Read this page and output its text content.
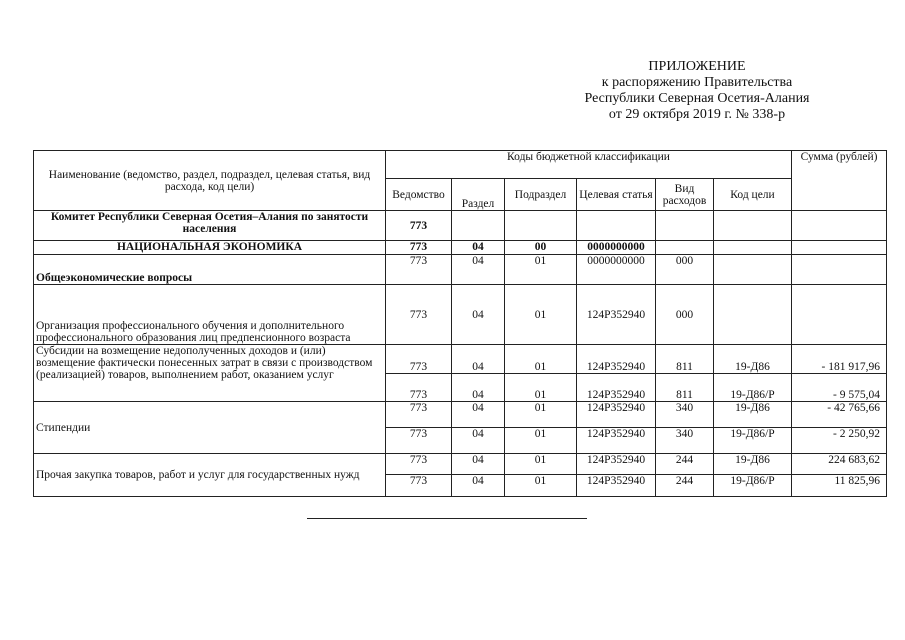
ПРИЛОЖЕНИЕ
к распоряжению Правительства
Республики Северная Осетия-Алания
от 29 октября 2019 г. № 338-р
Наименование (ведомство, раздел, подраздел, целевая статья, вид расхода, код цели)	Коды бюджетной классификации						Сумма (рублей)
	Ведомство	Раздел	Подраздел	Целевая статья	Вид расходов	Код цели	
Комитет Республики Северная Осетия–Алания по занятости населения	773						
НАЦИОНАЛЬНАЯ ЭКОНОМИКА	773	04	00	0000000000			
Общеэкономические вопросы	773	04	01	0000000000	000		
Организация профессионального обучения и дополнительного профессионального образования лиц предпенсионного возраста	773	04	01	124P352940	000		
Субсидии на возмещение недополученных доходов и (или) возмещение фактически понесенных затрат в связи с производством (реализацией) товаров, выполнением работ, оказанием услуг	773	04	01	124P352940	811	19-Д86	- 181 917,96
	773	04	01	124P352940	811	19-Д86/Р	- 9 575,04
Стипендии	773	04	01	124P352940	340	19-Д86	- 42 765,66
	773	04	01	124P352940	340	19-Д86/Р	- 2 250,92
Прочая закупка товаров, работ и услуг для государственных нужд	773	04	01	124P352940	244	19-Д86	224 683,62
	773	04	01	124P352940	244	19-Д86/Р	11 825,96
